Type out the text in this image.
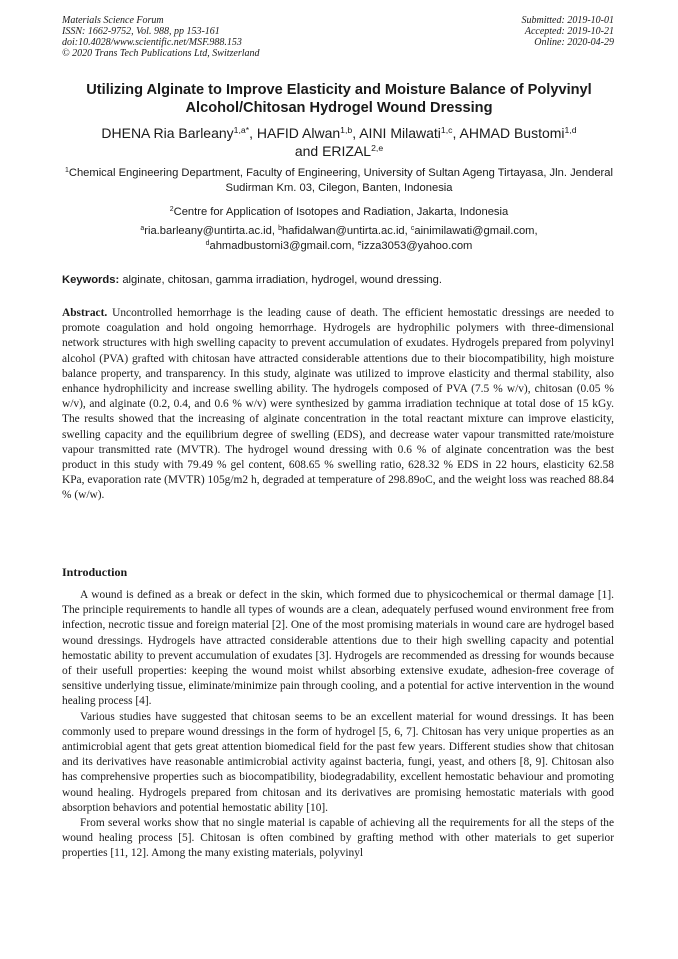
Materials Science Forum
ISSN: 1662-9752, Vol. 988, pp 153-161
doi:10.4028/www.scientific.net/MSF.988.153
© 2020 Trans Tech Publications Ltd, Switzerland
Submitted: 2019-10-01
Accepted: 2019-10-21
Online: 2020-04-29
Utilizing Alginate to Improve Elasticity and Moisture Balance of Polyvinyl Alcohol/Chitosan Hydrogel Wound Dressing
DHENA Ria Barleany$^{1,a*}$, HAFID Alwan$^{1,b}$, AINI Milawati$^{1,c}$, AHMAD Bustomi$^{1,d}$
and ERIZAL$^{2,e}$
$^1$Chemical Engineering Department, Faculty of Engineering, University of Sultan Ageng Tirtayasa, Jln. Jenderal Sudirman Km. 03, Cilegon, Banten, Indonesia
$^2$Centre for Application of Isotopes and Radiation, Jakarta, Indonesia
$^a$ria.barleany@untirta.ac.id, $^b$hafidalwan@untirta.ac.id, $^c$ainimilawati@gmail.com,
$^d$ahmadbustomi3@gmail.com, $^e$izza3053@yahoo.com
Keywords: alginate, chitosan, gamma irradiation, hydrogel, wound dressing.

Abstract. Uncontrolled hemorrhage is the leading cause of death. The efficient hemostatic dressings are needed to promote coagulation and hold ongoing hemorrhage. Hydrogels are hydrophilic polymers with three-dimensional network structures with high swelling capacity to prevent accumulation of exudates. Hydrogels prepared from polyvinyl alcohol (PVA) grafted with chitosan have attracted considerable attentions due to their biocompatibility, high moisture balance property, and transparency. In this study, alginate was utilized to improve elasticity and thermal stability, also enhance hydrophilicity and increase swelling ability. The hydrogels composed of PVA (7.5 % w/v), chitosan (0.05 % w/v), and alginate (0.2, 0.4, and 0.6 % w/v) were synthesized by gamma irradiation technique at total dose of 15 kGy. The results showed that the increasing of alginate concentration in the total reactant mixture can improve elasticity, swelling capacity and the equilibrium degree of swelling (EDS), and decrease water vapour transmitted rate/moisture vapour transmitted rate (MVTR). The hydrogel wound dressing with 0.6 % of alginate concentration was the best product in this study with 79.49 % gel content, 608.65 % swelling ratio, 628.32 % EDS in 22 hours, elasticity 62.58 KPa, evaporation rate (MVTR) 105g/m2 h, degraded at temperature of 298.89oC, and the weight loss was reached 88.84 % (w/w).

Introduction

A wound is defined as a break or defect in the skin, which formed due to physicochemical or thermal damage [1]. The principle requirements to handle all types of wounds are a clean, adequately perfused wound environment free from infection, necrotic tissue and foreign material [2]. One of the most promising materials in wound care are hydrogel based wound dressings. Hydrogels have attracted considerable attentions due to their high swelling capacity and potential hemostatic ability to prevent accumulation of exudates [3]. Hydrogels are recommended as dressing for wounds because of their usefull properties: keeping the wound moist whilst absorbing extensive exudate, adhesion-free coverage of sensitive underlying tissue, eliminate/minimize pain through cooling, and a potential for active intervention in the wound healing process [4].

Various studies have suggested that chitosan seems to be an excellent material for wound dressings. It has been commonly used to prepare wound dressings in the form of hydrogel [5, 6, 7]. Chitosan has very unique properties as an antimicrobial agent that gets great attention biomedical field for the past few years. Different studies show that chitosan and its derivatives have reasonable antimicrobial activity against bacteria, fungi, yeast, and others [8, 9]. Chitosan also has comprehensive properties such as biocompatibility, biodegradability, excellent hemostatic behaviour and promoting wound healing. Hydrogels prepared from chitosan and its derivatives are promising hemostatic materials with good absorption behaviors and potential hemostatic ability [10].

From several works show that no single material is capable of achieving all the requirements for all the steps of the wound healing process [5]. Chitosan is often combined by grafting method with other materials to get superior properties [11, 12]. Among the many existing materials, polyvinyl
